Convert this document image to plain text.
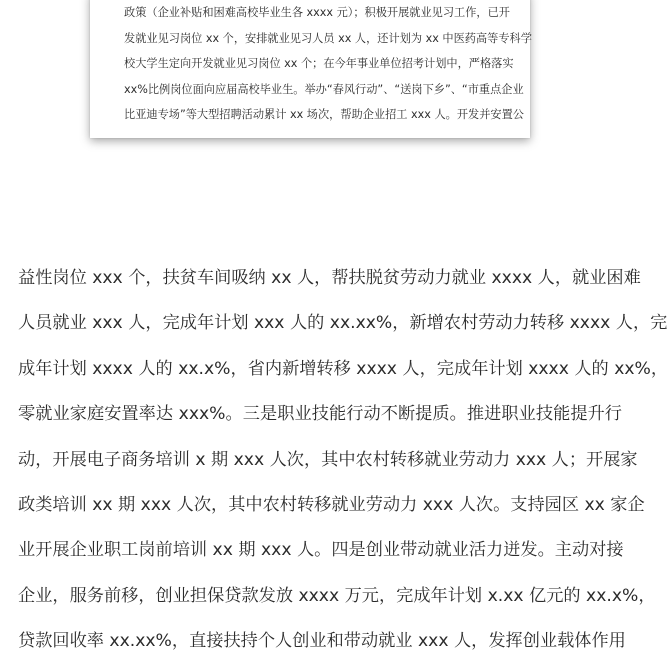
政策（企业补贴和困难高校毕业生各 xxxx 元）；积极开展就业见习工作，已开
发就业见习岗位 xx 个，安排就业见习人员 xx 人，还计划为 xx 中医药高等专科学
校大学生定向开发就业见习岗位 xx 个；在今年事业单位招考计划中，严格落实
xx%比例岗位面向应届高校毕业生。举办“春风行动”、“送岗下乡”、“市重点企业
比亚迪专场”等大型招聘活动累计 xx 场次，帮助企业招工 xxx 人。开发并安置公
益性岗位 xxx 个，扶贫车间吸纳 xx 人，帮扶脱贫劳动力就业 xxxx 人，就业困难
人员就业 xxx 人，完成年计划 xxx 人的 xx.xx%，新增农村劳动力转移 xxxx 人，完
成年计划 xxxx 人的 xx.x%，省内新增转移 xxxx 人，完成年计划 xxxx 人的 xx%，
零就业家庭安置率达 xxx%。三是职业技能行动不断提质。推进职业技能提升行
动，开展电子商务培训 x 期 xxx 人次，其中农村转移就业劳动力 xxx 人；开展家
政类培训 xx 期 xxx 人次，其中农村转移就业劳动力 xxx 人次。支持园区 xx 家企
业开展企业职工岗前培训 xx 期 xxx 人。四是创业带动就业活力迸发。主动对接
企业，服务前移，创业担保贷款发放 xxxx 万元，完成年计划 x.xx 亿元的 xx.x%，
贷款回收率 xx.xx%，直接扶持个人创业和带动就业 xxx 人，发挥创业载体作用
